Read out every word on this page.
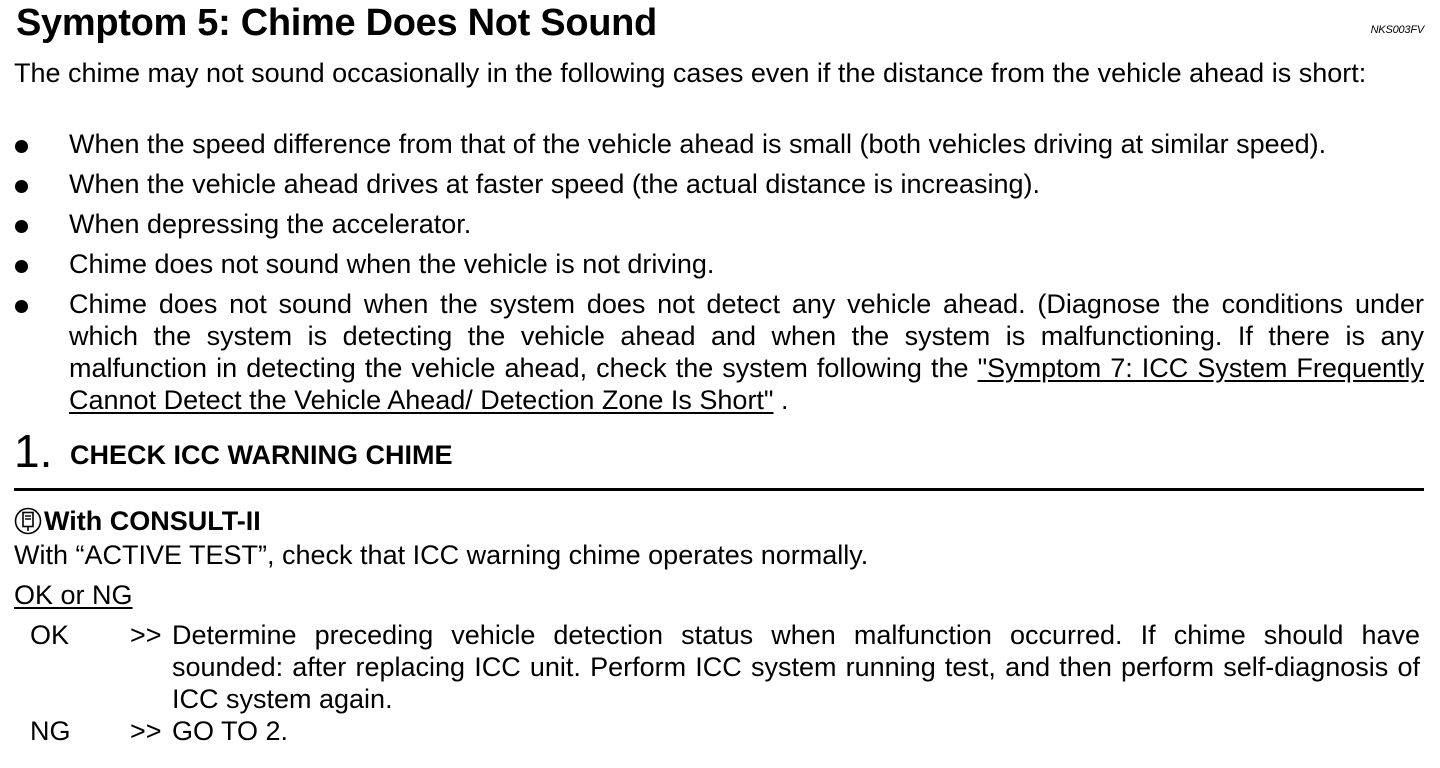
Symptom 5: Chime Does Not Sound	NKS003FV
The chime may not sound occasionally in the following cases even if the distance from the vehicle ahead is short:
When the speed difference from that of the vehicle ahead is small (both vehicles driving at similar speed).
When the vehicle ahead drives at faster speed (the actual distance is increasing).
When depressing the accelerator.
Chime does not sound when the vehicle is not driving.
Chime does not sound when the system does not detect any vehicle ahead. (Diagnose the conditions under which the system is detecting the vehicle ahead and when the system is malfunctioning. If there is any malfunction in detecting the vehicle ahead, check the system following the "Symptom 7: ICC System Frequently Cannot Detect the Vehicle Ahead/ Detection Zone Is Short" .
1. CHECK ICC WARNING CHIME
With CONSULT-II
With “ACTIVE TEST”, check that ICC warning chime operates normally.
OK or NG
OK >> Determine preceding vehicle detection status when malfunction occurred. If chime should have sounded: after replacing ICC unit. Perform ICC system running test, and then perform self-diagnosis of ICC system again.
NG >> GO TO 2.
